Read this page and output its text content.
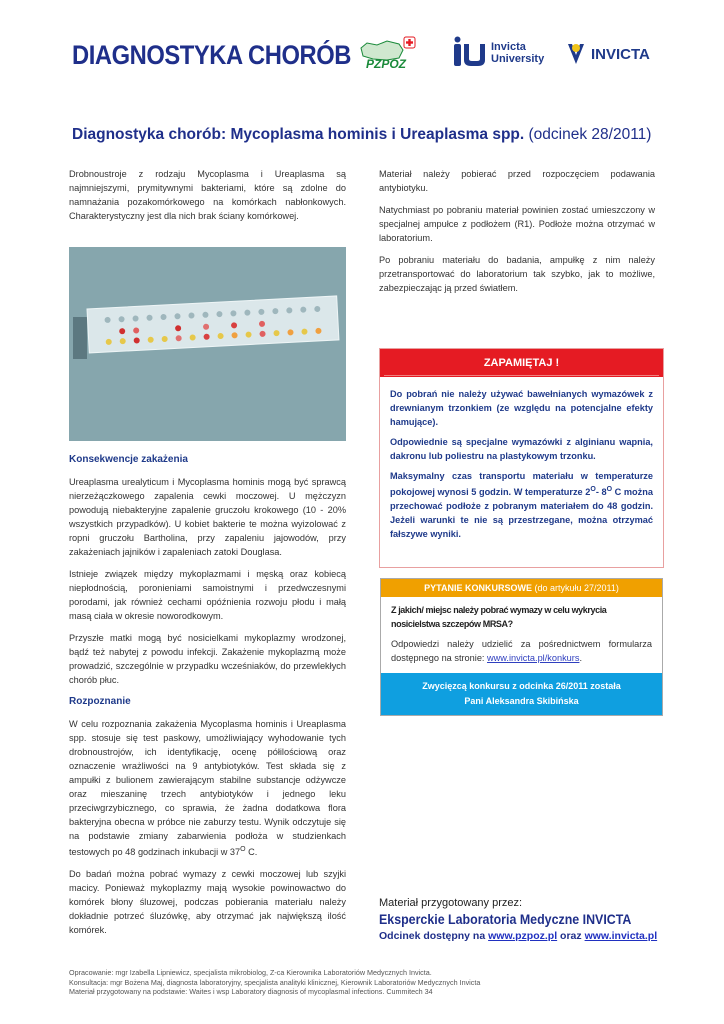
DIAGNOSTYKA CHORÓB PZPOZ
Invicta
University	INVICTA
Diagnostyka chorób: Mycoplasma hominis i Ureaplasma spp. (odcinek 28/2011)

Drobnoustroje z rodzaju Mycoplasma i Ureaplasma są najmniejszymi, prymitywnymi bakteriami, które są zdolne do namnażania pozakomórkowego na komórkach nabłonkowych. Charakterystyczny jest dla nich brak ściany komórkowej.

Konsekwencje zakażenia

Ureaplasma urealyticum i Mycoplasma hominis mogą być sprawcą nierzeżączkowego zapalenia cewki moczowej. U mężczyzn powodują niebakteryjne zapalenie gruczołu krokowego (10 - 20% wszystkich przypadków). U kobiet bakterie te można wyizolować z ropni gruczołu Bartholina, przy zapaleniu jajowodów, przy zakażeniach jajników i zapaleniach zatoki Douglasa.

Istnieje związek między mykoplazmami i męską oraz kobiecą niepłodnością, poronieniami samoistnymi i przedwczesnymi porodami, jak również cechami opóźnienia rozwoju płodu i małą masą ciała w okresie noworodkowym.

Przyszłe matki mogą być nosicielkami mykoplazmy wrodzonej, bądź też nabytej z powodu infekcji. Zakażenie mykoplazmą może prowadzić, szczególnie w przypadku wcześniaków, do przewlekłych chorób płuc.

Rozpoznanie

W celu rozpoznania zakażenia Mycoplasma hominis i Ureaplasma spp. stosuje się test paskowy, umożliwiający wyhodowanie tych drobnoustrojów, ich identyfikację, ocenę półilościową oraz oznaczenie wrażliwości na 9 antybiotyków. Test składa się z ampułki z bulionem zawierającym stabilne substancje odżywcze oraz mieszaninę trzech antybiotyków i jednego leku przeciwgrzybicznego, co sprawia, że żadna dodatkowa flora bakteryjna obecna w próbce nie zaburzy testu. Wynik odczytuje się na podstawie zmiany zabarwienia podłoża w studzienkach testowych po 48 godzinach inkubacji w $37^O$ C.

Do badań można pobrać wymazy z cewki moczowej lub szyjki macicy. Ponieważ mykoplazmy mają wysokie powinowactwo do komórek błony śluzowej, podczas pobierania materiału należy dokładnie potrzeć śluzówkę, aby otrzymać jak największą ilość komórek.

Materiał należy pobierać przed rozpoczęciem podawania antybiotyku.

Natychmiast po pobraniu materiał powinien zostać umieszczony w specjalnej ampułce z podłożem (R1). Podłoże można otrzymać w laboratorium.

Po pobraniu materiału do badania, ampułkę z nim należy przetransportować do laboratorium tak szybko, jak to możliwe, zabezpieczając ją przed światłem.

ZAPAMIĘTAJ !

Do pobrań nie należy używać bawełnianych wymazówek z drewnianym trzonkiem (ze względu na potencjalne efekty hamujące).

Odpowiednie są specjalne wymazówki z alginianu wapnia, dakronu lub poliestru na plastykowym trzonku.

Maksymalny czas transportu materiału w temperaturze pokojowej wynosi 5 godzin. W temperaturze $2^O-$ $8^O$ C można przechować podłoże z pobranym materiałem do 48 godzin. Jeżeli warunki te nie są przestrzegane, można otrzymać fałszywe wyniki.

PYTANIE KONKURSOWE (do artykułu 27/2011)
Z jakich/ miejsc należy pobrać wymazy w celu wykrycia nosicielstwa szczepów MRSA?
Odpowiedzi należy udzielić za pośrednictwem formularza dostępnego na stronie: www.invicta.pl/konkurs.
Zwycięzcą konkursu z odcinka 26/2011 została
Pani Aleksandra Skibińska
Materiał przygotowany przez:
Eksperckie Laboratoria Medyczne INVICTA
Odcinek dostępny na www.pzpoz.pl oraz www.invicta.pl
Opracowanie: mgr Izabella Lipniewicz, specjalista mikrobiolog, Z-ca Kierownika Laboratoriów Medycznych Invicta.
Konsultacja: mgr Bożena Maj, diagnosta laboratoryjny, specjalista analityki klinicznej, Kierownik Laboratoriów Medycznych Invicta
Materiał przygotowany na podstawie: Waites i wsp Laboratory diagnosis of mycoplasmal infections. Cummitech 34
